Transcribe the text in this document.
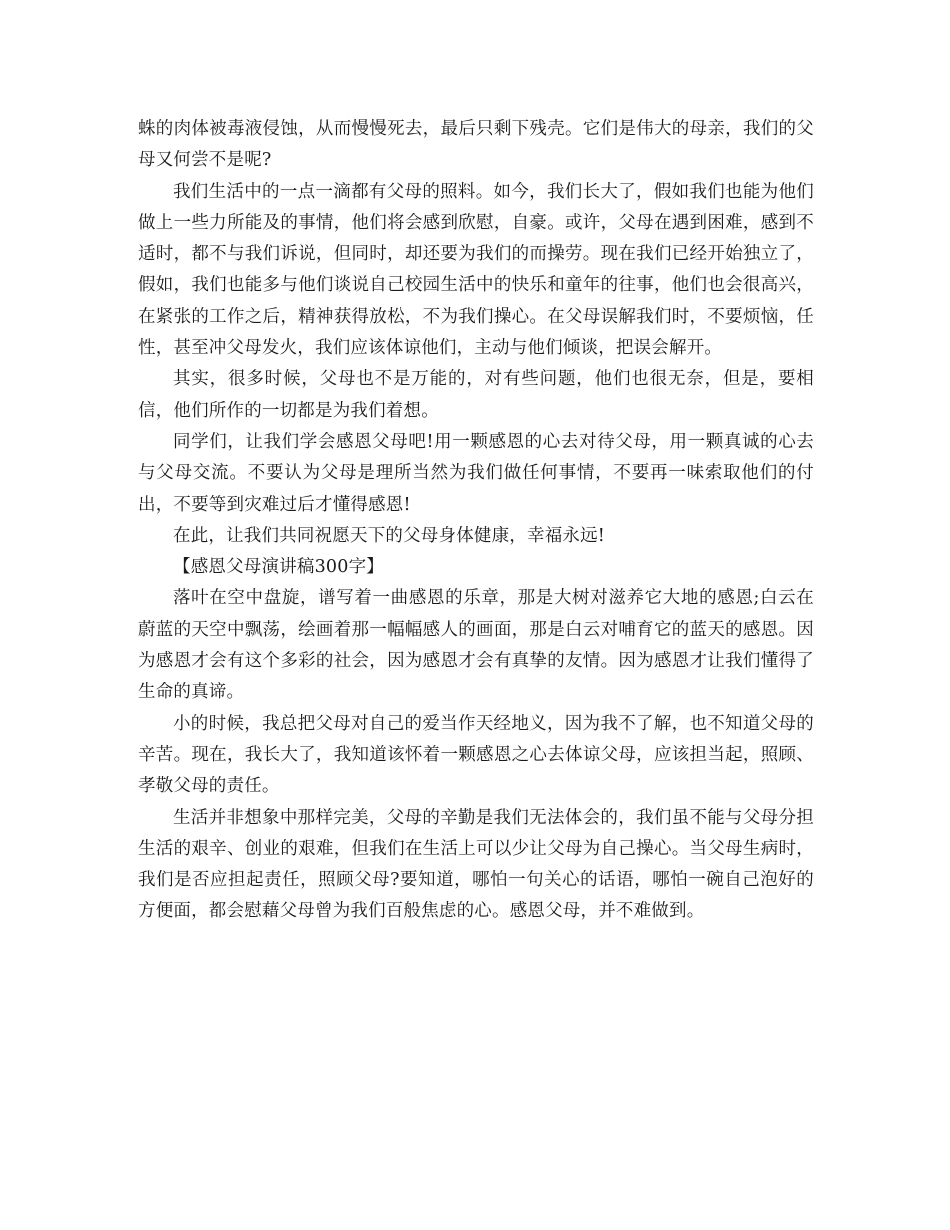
蛛的肉体被毒液侵蚀，从而慢慢死去，最后只剩下残壳。它们是伟大的母亲，我们的父母又何尝不是呢?

我们生活中的一点一滴都有父母的照料。如今，我们长大了，假如我们也能为他们做上一些力所能及的事情，他们将会感到欣慰，自豪。或许，父母在遇到困难，感到不适时，都不与我们诉说，但同时，却还要为我们的而操劳。现在我们已经开始独立了，假如，我们也能多与他们谈说自己校园生活中的快乐和童年的往事，他们也会很高兴，在紧张的工作之后，精神获得放松，不为我们操心。在父母误解我们时，不要烦恼，任性，甚至冲父母发火，我们应该体谅他们，主动与他们倾谈，把误会解开。

其实，很多时候，父母也不是万能的，对有些问题，他们也很无奈，但是，要相信，他们所作的一切都是为我们着想。

同学们，让我们学会感恩父母吧!用一颗感恩的心去对待父母，用一颗真诚的心去与父母交流。不要认为父母是理所当然为我们做任何事情，不要再一味索取他们的付出，不要等到灾难过后才懂得感恩!

在此，让我们共同祝愿天下的父母身体健康，幸福永远!

【感恩父母演讲稿300字】

落叶在空中盘旋，谱写着一曲感恩的乐章，那是大树对滋养它大地的感恩;白云在蔚蓝的天空中飘荡，绘画着那一幅幅感人的画面，那是白云对哺育它的蓝天的感恩。因为感恩才会有这个多彩的社会，因为感恩才会有真挚的友情。因为感恩才让我们懂得了生命的真谛。

小的时候，我总把父母对自己的爱当作天经地义，因为我不了解，也不知道父母的辛苦。现在，我长大了，我知道该怀着一颗感恩之心去体谅父母，应该担当起，照顾、孝敬父母的责任。

生活并非想象中那样完美，父母的辛勤是我们无法体会的，我们虽不能与父母分担生活的艰辛、创业的艰难，但我们在生活上可以少让父母为自己操心。当父母生病时，我们是否应担起责任，照顾父母?要知道，哪怕一句关心的话语，哪怕一碗自己泡好的方便面，都会慰藉父母曾为我们百般焦虑的心。感恩父母，并不难做到。
